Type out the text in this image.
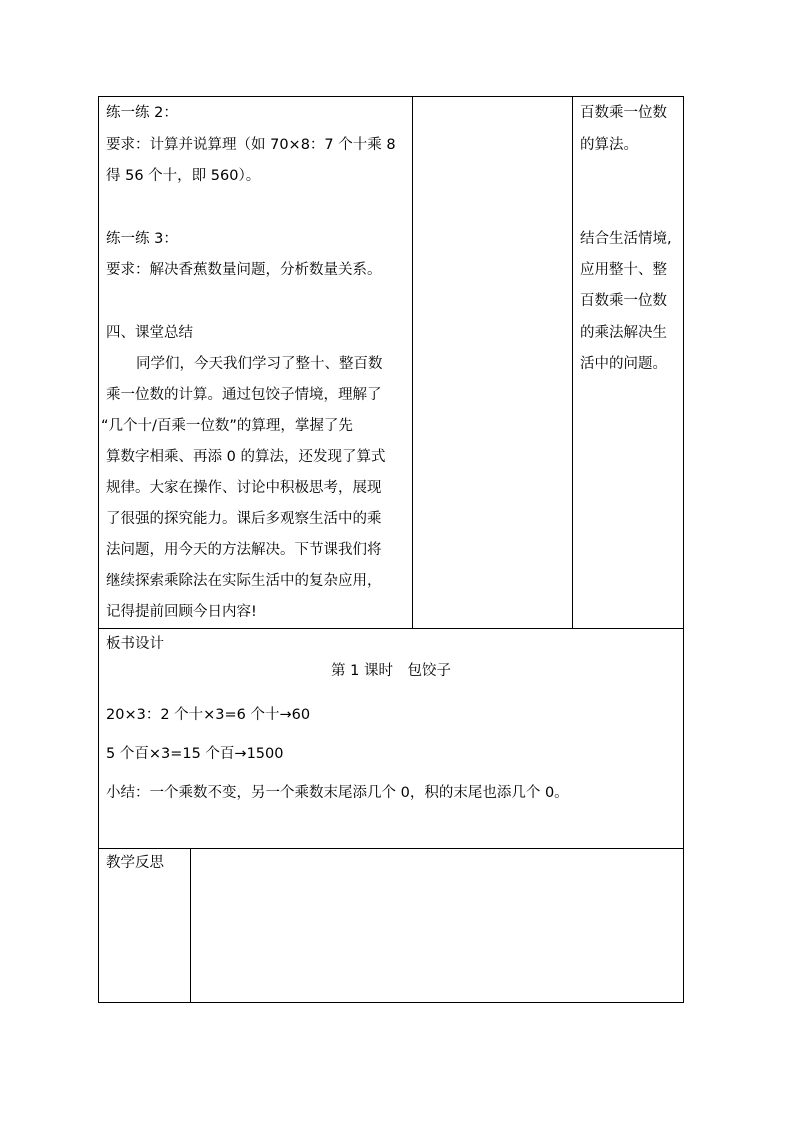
练一练 2：
要求：计算并说算理（如 70×8：7 个十乘 8
得 56 个十，即 560）。
练一练 3：
要求：解决香蕉数量问题，分析数量关系。
四、课堂总结
同学们，今天我们学习了整十、整百数
乘一位数的计算。通过包饺子情境，理解了
“几个十/百乘一位数”的算理，掌握了先
算数字相乘、再添 0 的算法，还发现了算式
规律。大家在操作、讨论中积极思考，展现
了很强的探究能力。课后多观察生活中的乘
法问题，用今天的方法解决。下节课我们将
继续探索乘除法在实际生活中的复杂应用，
记得提前回顾今日内容!
百数乘一位数
的算法。
结合生活情境,
应用整十、整
百数乘一位数
的乘法解决生
活中的问题。
板书设计
第 1 课时　包饺子
20×3：2 个十×3=6 个十→60
5 个百×3=15 个百→1500
小结：一个乘数不变，另一个乘数末尾添几个 0，积的末尾也添几个 0。
教学反思
